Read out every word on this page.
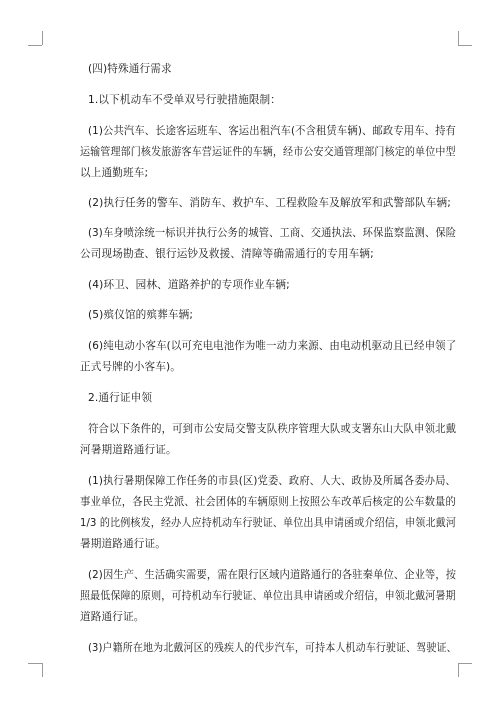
(四)特殊通行需求
1.以下机动车不受单双号行驶措施限制：
(1)公共汽车、长途客运班车、客运出租汽车(不含租赁车辆)、邮政专用车、持有
运输管理部门核发旅游客车营运证件的车辆，经市公安交通管理部门核定的单位中型
以上通勤班车;
(2)执行任务的警车、消防车、救护车、工程救险车及解放军和武警部队车辆;
(3)车身喷涂统一标识并执行公务的城管、工商、交通执法、环保监察监测、保险
公司现场勘查、银行运钞及救援、清障等确需通行的专用车辆;
(4)环卫、园林、道路养护的专项作业车辆;
(5)殡仪馆的殡葬车辆;
(6)纯电动小客车(以可充电电池作为唯一动力来源、由电动机驱动且已经申领了
正式号牌的小客车)。
2.通行证申领
符合以下条件的，可到市公安局交警支队秩序管理大队或支署东山大队申领北戴
河暑期道路通行证。
(1)执行暑期保障工作任务的市县(区)党委、政府、人大、政协及所属各委办局、
事业单位，各民主党派、社会团体的车辆原则上按照公车改革后核定的公车数量的
1/3 的比例核发，经办人应持机动车行驶证、单位出具申请函或介绍信，申领北戴河
暑期道路通行证。
(2)因生产、生活确实需要，需在限行区域内道路通行的各驻秦单位、企业等，按
照最低保障的原则，可持机动车行驶证、单位出具申请函或介绍信，申领北戴河暑期
道路通行证。
(3)户籍所在地为北戴河区的残疾人的代步汽车，可持本人机动车行驶证、驾驶证、
